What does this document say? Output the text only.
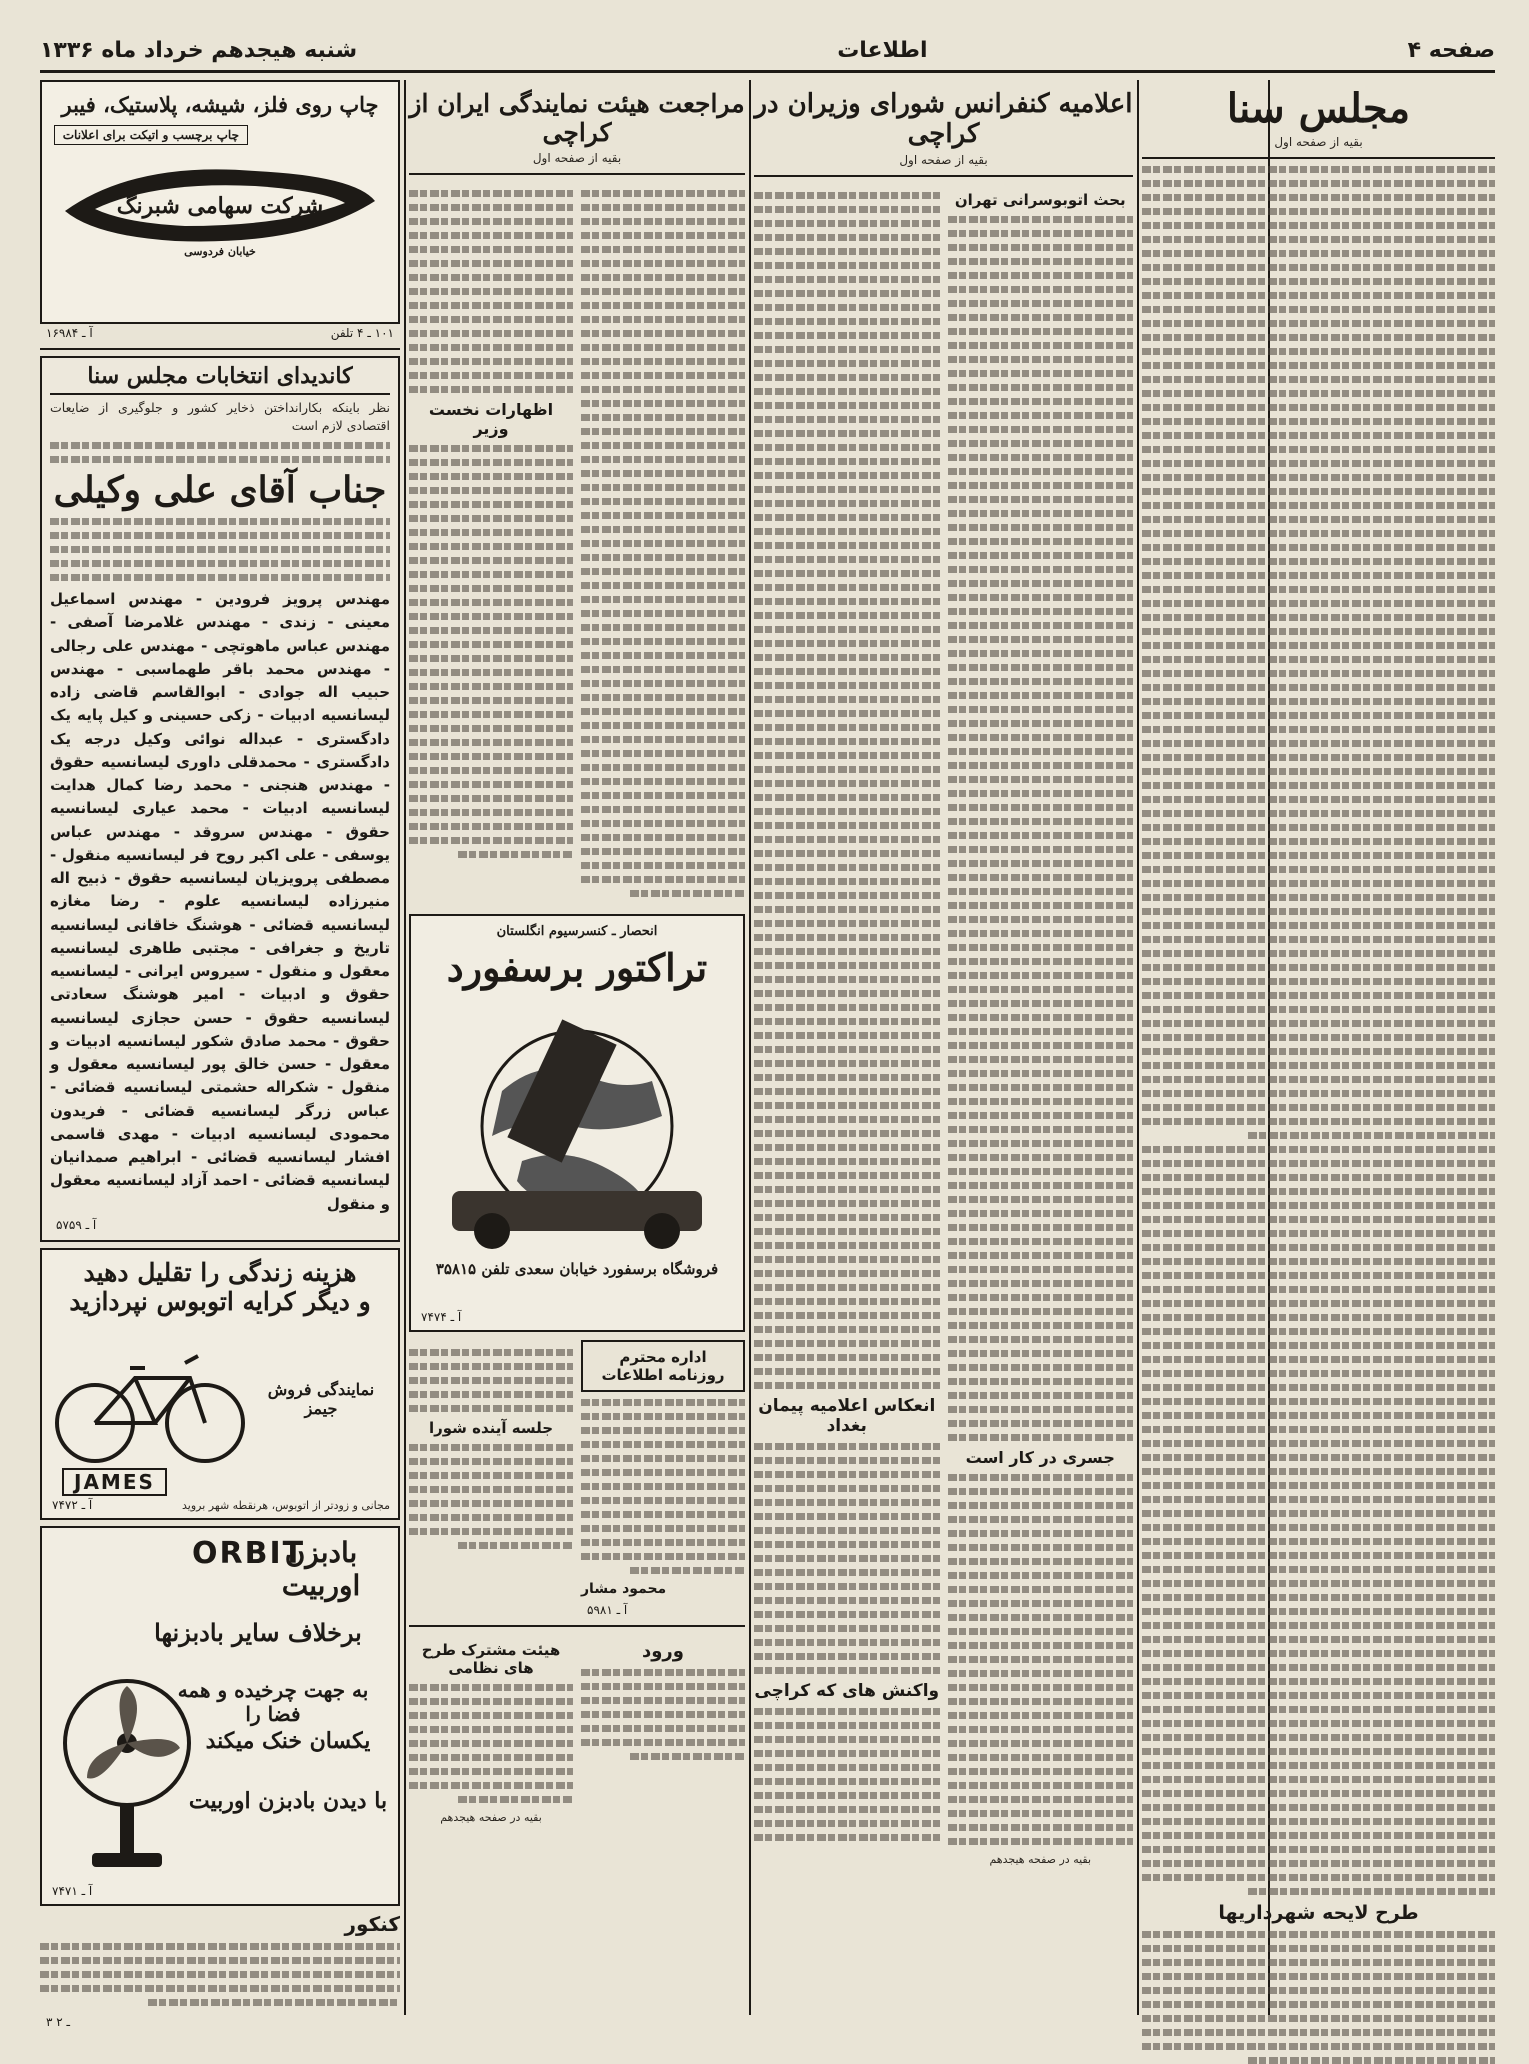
صفحه ۴
اطلاعات
شنبه هیجدهم خرداد ماه ۱۳۳۶
مجلس سنا
بقیه از صفحه اول
طرح لایحه شهرداریها
اعلامیه کنفرانس شورای وزیران در کراچی
بقیه از صفحه اول
بحث اتوبوسرانی تهران
جسری در کار است
بقیه در صفحه هیجدهم
انعکاس اعلامیه پیمان بغداد
واکنش های که کراچی
مراجعت هیئت نمایندگی ایران از کراچی
بقیه از صفحه اول
اظهارات نخست وزیر
انحصار ـ کنسرسیوم انگلستان
تراکتور برسفورد
فروشگاه برسفورد خیابان سعدی تلفن ۳۵۸۱۵
آ ـ ۷۴۷۴
اداره محترم روزنامه اطلاعات
محمود مشار
آ ـ ۵۹۸۱
جلسه آینده شورا
ورود
هیئت مشترک طرح های نظامی
بقیه در صفحه هیجدهم
چاپ روی فلز، شیشه، پلاستیک، فیبر
چاپ برچسب و اتیکت برای اعلانات
شرکت سهامی شبرنگ
خیابان فردوسی
۱۰۱ ـ ۴ تلفن
آ ـ ۱۶۹۸۴
کاندیدای انتخابات مجلس سنا
نظر باینکه بکارانداختن ذخایر کشور و جلوگیری از ضایعات اقتصادی لازم است
جناب آقای علی وکیلی
مهندس پرویز فرودین - مهندس اسماعیل معینی - زندی - مهندس غلامرضا آصفی - مهندس عباس ماهوتچی - مهندس علی رجالی - مهندس محمد باقر طهماسبی - مهندس حبیب اله جوادی - ابوالقاسم قاضی زاده لیسانسیه ادبیات - زکی حسینی و کیل پایه یک دادگستری - عبداله نوائی وکیل درجه یک دادگستری - محمدقلی داوری لیسانسیه حقوق - مهندس هنجنی - محمد رضا کمال هدایت لیسانسیه ادبیات - محمد عیاری لیسانسیه حقوق - مهندس سروقد - مهندس عباس یوسفی - علی اکبر روح فر لیسانسیه منقول - مصطفی پرویزیان لیسانسیه حقوق - ذبیح اله منیرزاده لیسانسیه علوم - رضا مغازه لیسانسیه قضائی - هوشنگ خاقانی لیسانسیه تاریخ و جغرافی - مجتبی طاهری لیسانسیه معقول و منقول - سیروس ایرانی - لیسانسیه حقوق و ادبیات - امیر هوشنگ سعادتی لیسانسیه حقوق - حسن حجازی لیسانسیه حقوق - محمد صادق شکور لیسانسیه ادبیات و معقول - حسن خالق پور لیسانسیه معقول و منقول - شکراله حشمتی لیسانسیه قضائی - عباس زرگر لیسانسیه قضائی - فریدون محمودی لیسانسیه ادبیات - مهدی قاسمی افشار لیسانسیه قضائی - ابراهیم صمدانیان لیسانسیه قضائی - احمد آزاد لیسانسیه معقول و منقول
آ ـ ۵۷۵۹
هزینه زندگی را تقلیل دهید
و دیگر کرایه اتوبوس نپردازید
JAMES
نمایندگی فروش جیمز
مجانی و زودتر از اتوبوس، هرنقطه شهر بروید
آ ـ ۷۴۷۲
ORBIT
بادبزن اوربیت
برخلاف سایر بادبزنها
به جهت چرخیده و همه فضا را
یکسان خنک میکند
با دیدن بادبزن اوربیت
آ ـ ۷۴۷۱
کنکور
۳ ـ ۲
